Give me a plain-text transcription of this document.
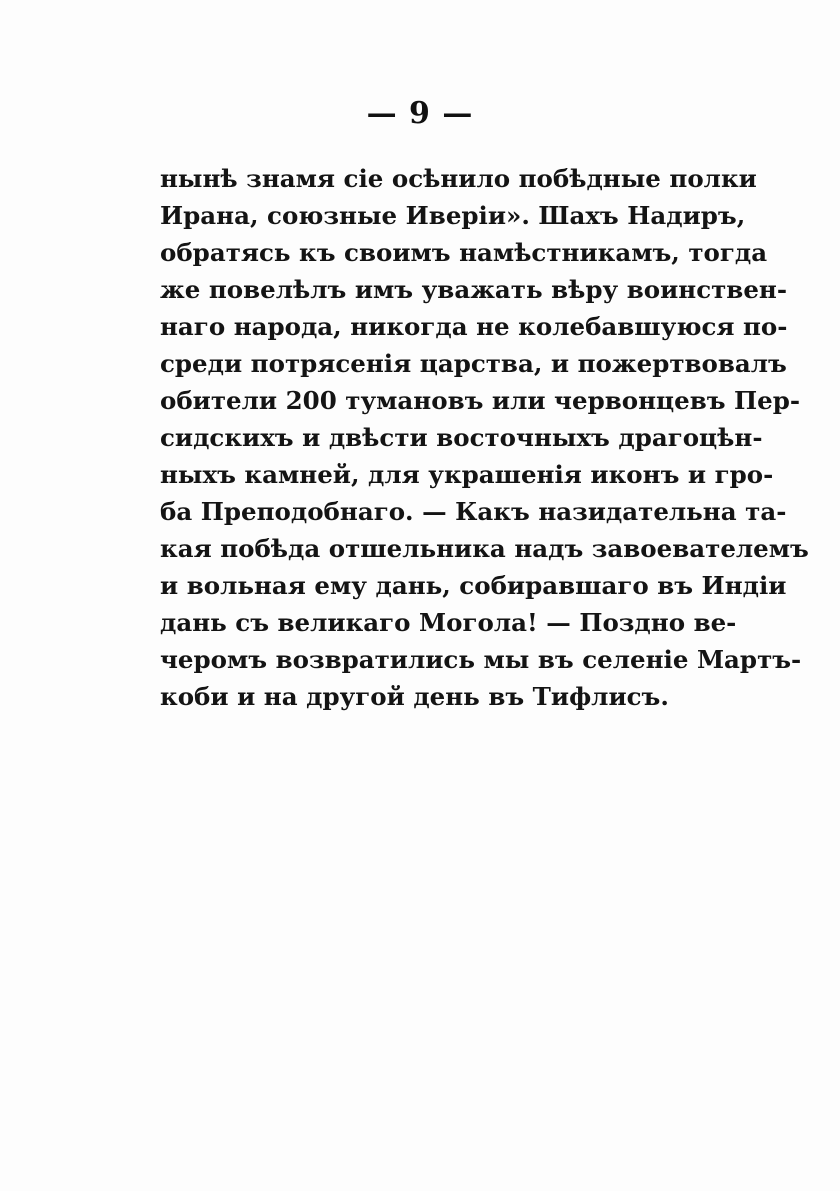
— 9 —
нынѣ знамя сіе осѣнило побѣдные полки
Ирана, союзные Иверіи». Шахъ Надиръ,
обратясь къ своимъ намѣстникамъ, тогда
же повелѣлъ имъ уважать вѣру воинствен-
наго народа, никогда не колебавшуюся по-
среди потрясенія царства, и пожертвовалъ
обители 200 тумановъ или червонцевъ Пер-
сидскихъ и двѣсти восточныхъ драгоцѣн-
ныхъ камней, для украшенія иконъ и гро-
ба Преподобнаго. — Какъ назидательна та-
кая побѣда отшельника надъ завоевателемъ
и вольная ему дань, собиравшаго въ Индіи
дань съ великаго Могола! — Поздно ве-
черомъ возвратились мы въ селеніе Мартъ-
коби и на другой день въ Тифлисъ.
